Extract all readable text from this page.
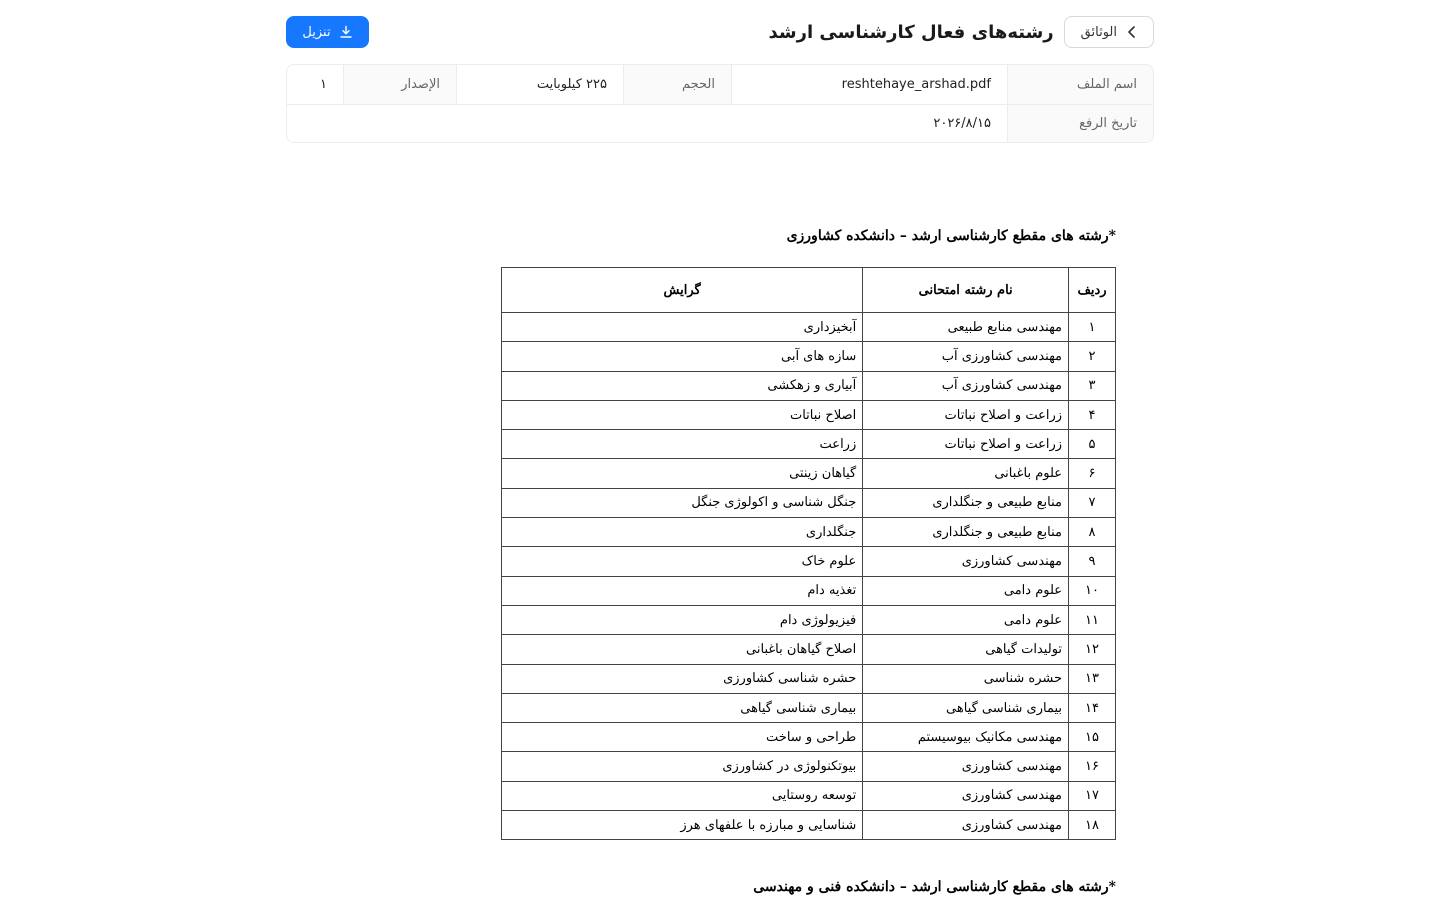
الوثائق
رشته‌های فعال کارشناسی ارشد
تنزيل
اسم الملف
reshtehaye_arshad.pdf
الحجم
۲۲۵ کیلوبایت
الإصدار
۱
تاريخ الرفع
۲۰۲۶/۸/۱۵
*رشته های مقطع کارشناسی ارشد – دانشکده کشاورزی
ردیف	نام رشته امتحانی	گرایش
۱	مهندسی منابع طبیعی	آبخیزداری
۲	مهندسی کشاورزی آب	سازه های آبی
۳	مهندسی کشاورزی آب	آبیاری و زهکشی
۴	زراعت و اصلاح نباتات	اصلاح نباتات
۵	زراعت و اصلاح نباتات	زراعت
۶	علوم باغبانی	گیاهان زینتی
۷	منابع طبیعی و جنگلداری	جنگل شناسی و اکولوژی جنگل
۸	منابع طبیعی و جنگلداری	جنگلداری
۹	مهندسی کشاورزی	علوم خاک
۱۰	علوم دامی	تغذیه دام
۱۱	علوم دامی	فیزیولوژی دام
۱۲	تولیدات گیاهی	اصلاح گیاهان باغبانی
۱۳	حشره شناسی	حشره شناسی کشاورزی
۱۴	بیماری شناسی گیاهی	بیماری شناسی گیاهی
۱۵	مهندسی مکانیک بیوسیستم	طراحی و ساخت
۱۶	مهندسی کشاورزی	بیوتکنولوژی در کشاورزی
۱۷	مهندسی کشاورزی	توسعه روستایی
۱۸	مهندسی کشاورزی	شناسایی و مبارزه با علفهای هرز
*رشته های مقطع کارشناسی ارشد – دانشکده فنی و مهندسی
